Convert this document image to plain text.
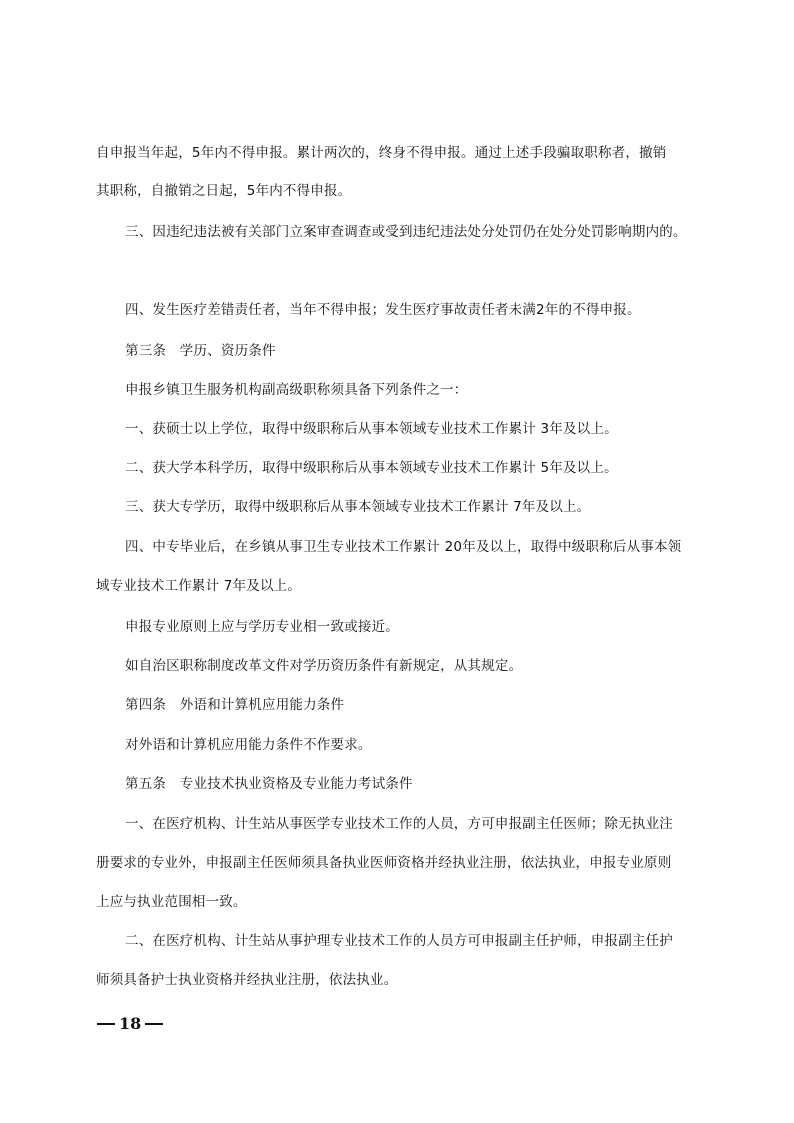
自申报当年起，5年内不得申报。累计两次的，终身不得申报。通过上述手段骗取职称者，撤销
其职称，自撤销之日起，5年内不得申报。
三、因违纪违法被有关部门立案审查调查或受到违纪违法处分处罚仍在处分处罚影响期内的。
四、发生医疗差错责任者，当年不得申报；发生医疗事故责任者未满2年的不得申报。
第三条　学历、资历条件
申报乡镇卫生服务机构副高级职称须具备下列条件之一：
一、获硕士以上学位，取得中级职称后从事本领域专业技术工作累计 3年及以上。
二、获大学本科学历，取得中级职称后从事本领域专业技术工作累计 5年及以上。
三、获大专学历，取得中级职称后从事本领域专业技术工作累计 7年及以上。
四、中专毕业后，在乡镇从事卫生专业技术工作累计 20年及以上，取得中级职称后从事本领
域专业技术工作累计 7年及以上。
申报专业原则上应与学历专业相一致或接近。
如自治区职称制度改革文件对学历资历条件有新规定，从其规定。
第四条　外语和计算机应用能力条件
对外语和计算机应用能力条件不作要求。
第五条　专业技术执业资格及专业能力考试条件
一、在医疗机构、计生站从事医学专业技术工作的人员，方可申报副主任医师；除无执业注
册要求的专业外，申报副主任医师须具备执业医师资格并经执业注册，依法执业，申报专业原则
上应与执业范围相一致。
二、在医疗机构、计生站从事护理专业技术工作的人员方可申报副主任护师，申报副主任护
师须具备护士执业资格并经执业注册，依法执业。
18
